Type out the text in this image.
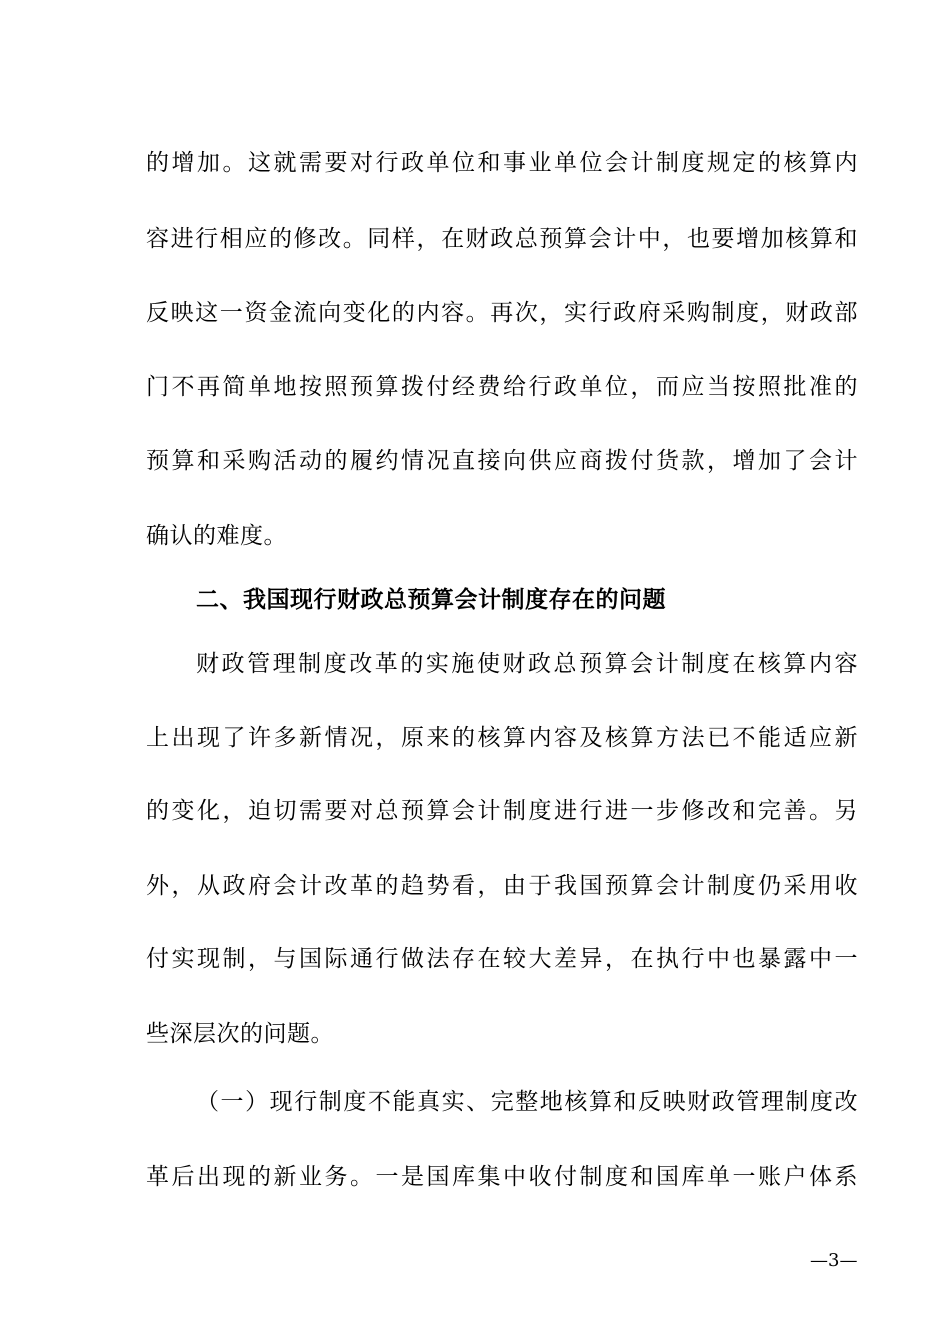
的增加。这就需要对行政单位和事业单位会计制度规定的核算内
容进行相应的修改。同样，在财政总预算会计中，也要增加核算和
反映这一资金流向变化的内容。再次，实行政府采购制度，财政部
门不再简单地按照预算拨付经费给行政单位，而应当按照批准的
预算和采购活动的履约情况直接向供应商拨付货款，增加了会计
确认的难度。
二、我国现行财政总预算会计制度存在的问题
财政管理制度改革的实施使财政总预算会计制度在核算内容
上出现了许多新情况，原来的核算内容及核算方法已不能适应新
的变化，迫切需要对总预算会计制度进行进一步修改和完善。另
外，从政府会计改革的趋势看，由于我国预算会计制度仍采用收
付实现制，与国际通行做法存在较大差异，在执行中也暴露中一
些深层次的问题。
（一）现行制度不能真实、完整地核算和反映财政管理制度改
革后出现的新业务。一是国库集中收付制度和国库单一账户体系
—3—
